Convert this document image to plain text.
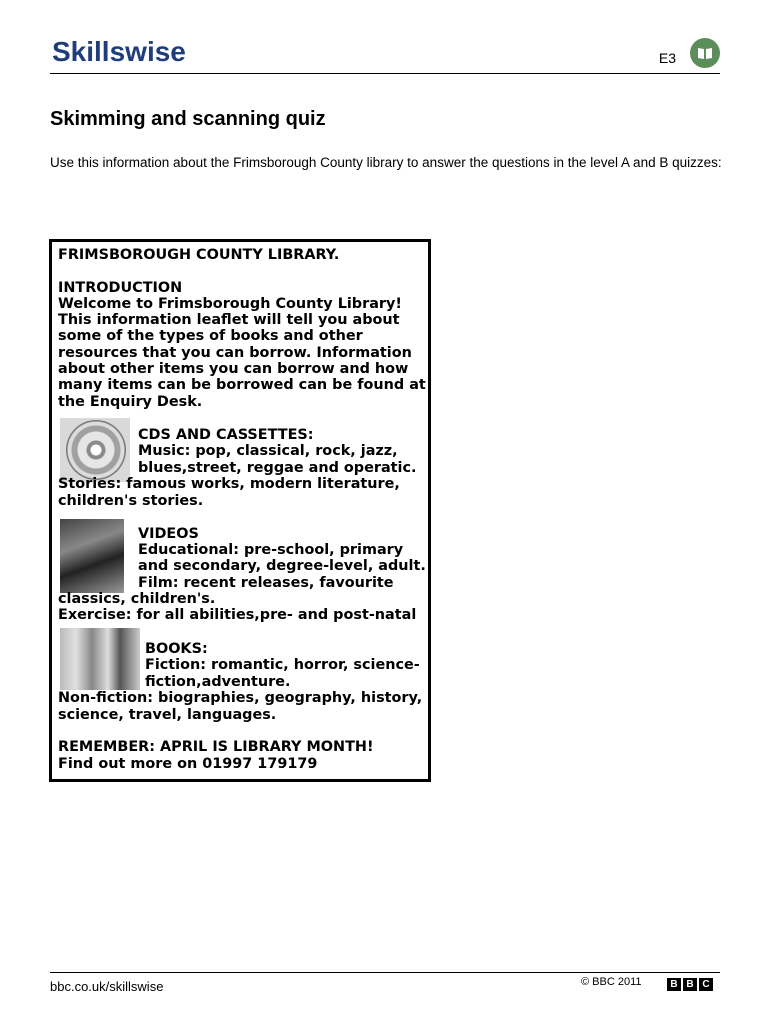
Skillswise	E3
Skimming and scanning quiz
Use this information about the Frimsborough County library to answer the questions in the level A and B quizzes:
FRIMSBOROUGH COUNTY LIBRARY.
INTRODUCTION
Welcome to Frimsborough County Library!
This information leaflet will tell you about
some of the types of books and other
resources that you can borrow. Information
about other items you can borrow and how
many items can be borrowed can be found at
the Enquiry Desk.
CDS AND CASSETTES:
Music: pop, classical, rock, jazz,
blues,street, reggae and operatic.
Stories: famous works, modern literature,
children's stories.
VIDEOS
Educational: pre-school, primary
and secondary, degree-level, adult.
Film: recent releases, favourite
classics, children's.
Exercise: for all abilities,pre- and post-natal
BOOKS:
Fiction: romantic, horror, science-
fiction,adventure.
Non-fiction: biographies, geography, history,
science, travel, languages.
REMEMBER: APRIL IS LIBRARY MONTH!
Find out more on 01997 179179
bbc.co.uk/skillswise	© BBC 2011	B B C
